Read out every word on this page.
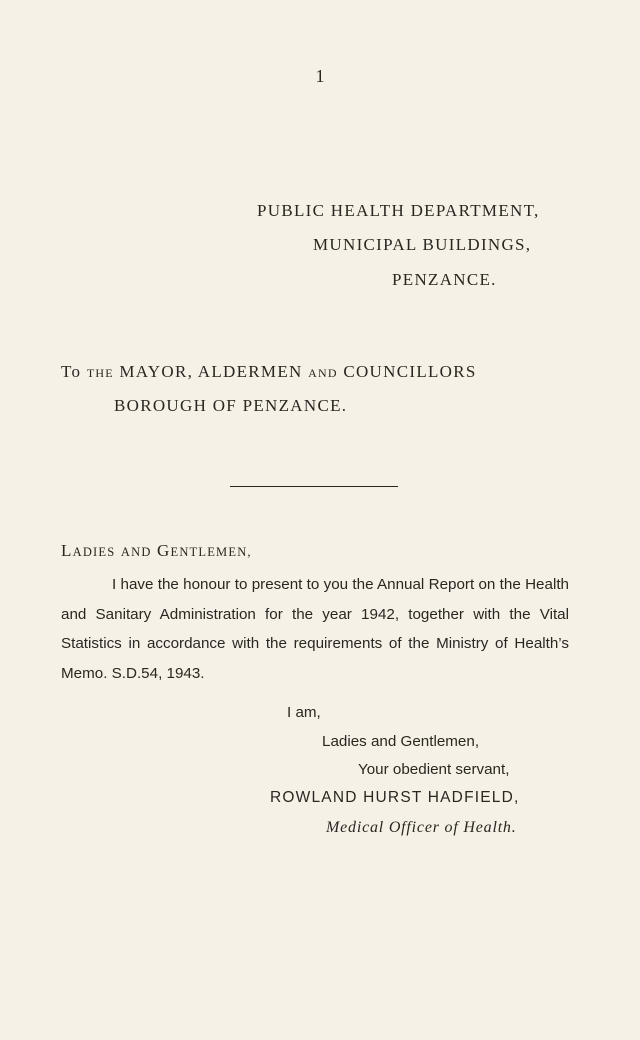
1
PUBLIC HEALTH DEPARTMENT,
MUNICIPAL BUILDINGS,
PENZANCE.
To THE MAYOR, ALDERMEN AND COUNCILLORS
BOROUGH OF PENZANCE.
LADIES AND GENTLEMEN,

I have the honour to present to you the Annual Report on the Health and Sanitary Administration for the year 1942, together with the Vital Statistics in accordance with the requirements of the Ministry of Health’s Memo. S.D.54, 1943.

I am,
Ladies and Gentlemen,
Your obedient servant,
ROWLAND HURST HADFIELD,
Medical Officer of Health.
